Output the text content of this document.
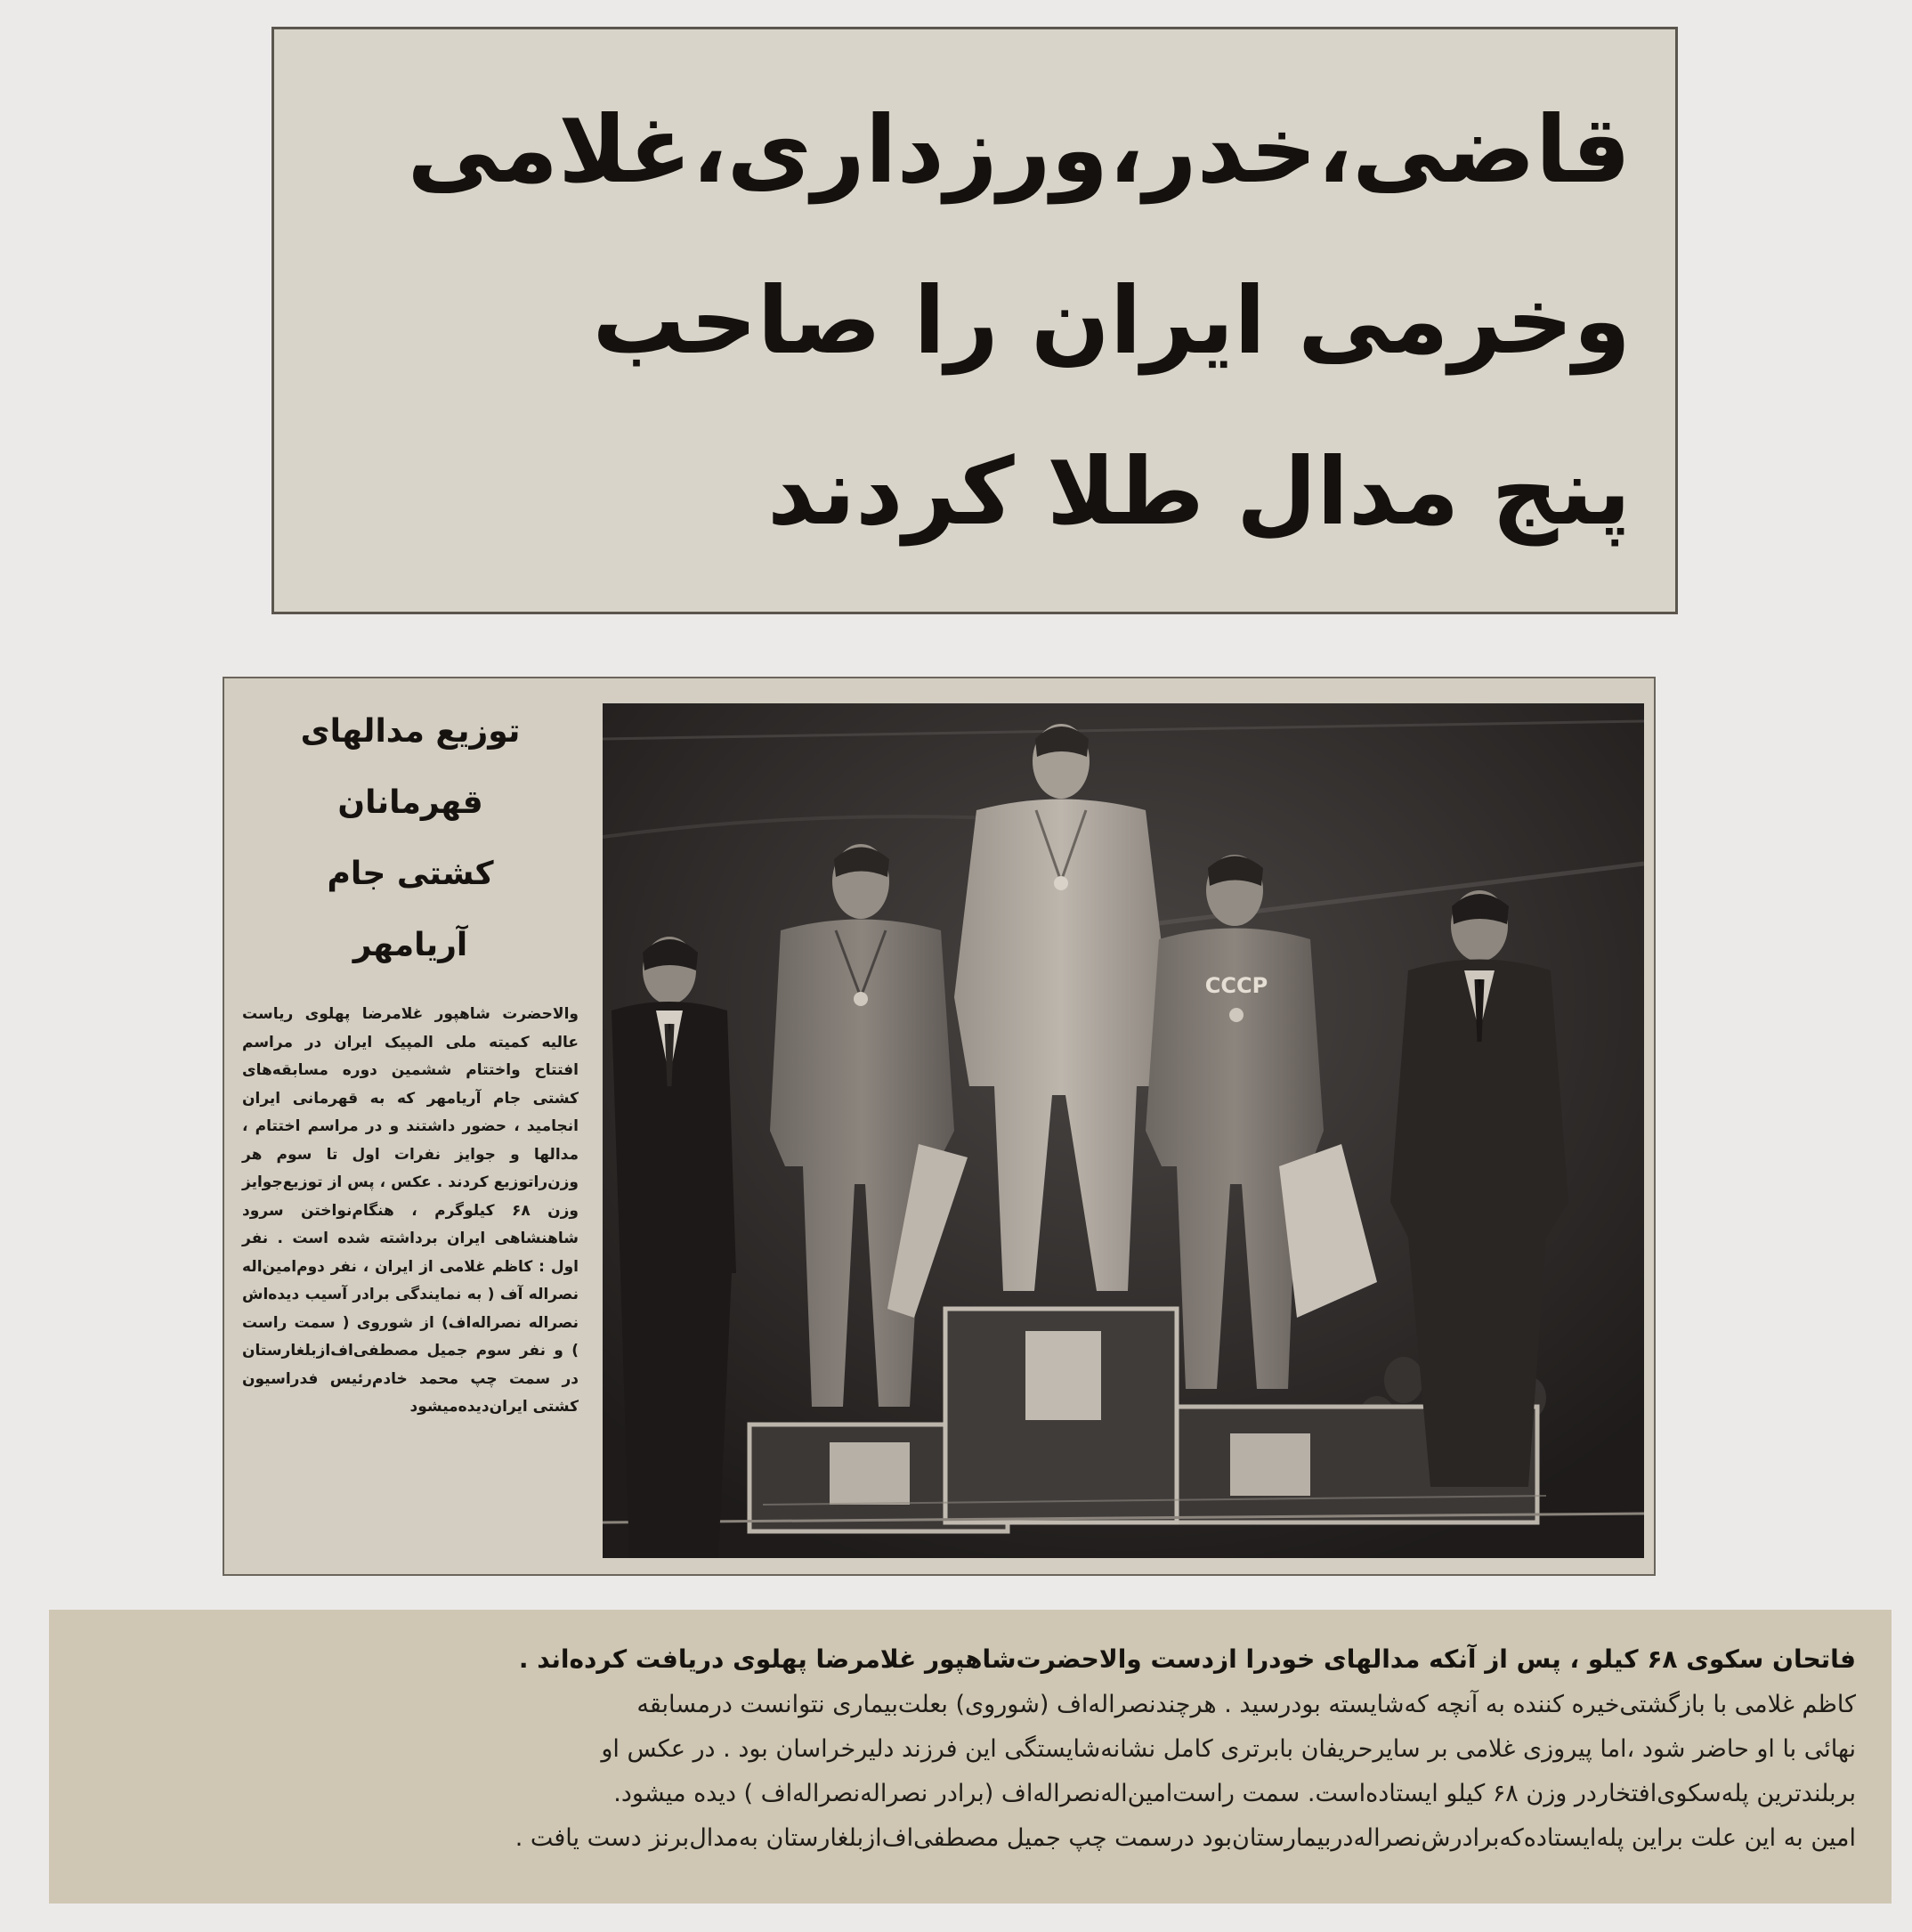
قاضی،خدر،ورزداری،غلامی
وخرمی ایران را صاحب
پنج مدال طلا کردند

توزیع مدالهای

قهرمانان

کشتی جام

آریامهر

والاحضرت شاهپور غلامرضا پهلوی ریاست عالیه کمیته ملی المپیک ایران در مراسم افتتاح واختتام ششمین دوره مسابقه‌های کشتی جام آریامهر که به قهرمانی ایران انجامید ، حضور داشتند و در مراسم اختتام ، مدالها و جوایز نفرات اول تا سوم هر وزن‌راتوزیع کردند . عکس ، پس از توزیع‌جوایز وزن ۶۸ کیلوگرم ، هنگام‌نواختن سرود شاهنشاهی ایران برداشته شده است . نفر اول : کاظم غلامی از ایران ، نفر دوم‌امین‌اله نصراله آف ( به نمایندگی برادر آسیب دیده‌اش نصراله نصراله‌اف) از شوروی ( سمت راست ) و نفر سوم جمیل مصطفی‌اف‌ازبلغارستان در سمت چپ محمد خادم‌رئیس فدراسیون کشتی ایران‌دیده‌میشود
CCCP
فاتحان سکوی ۶۸ کیلو ، پس از آنکه مدالهای خودرا ازدست والاحضرت‌شاهپور غلامرضا پهلوی دریافت کرده‌اند .
کاظم غلامی با بازگشتی‌خیره کننده به آنچه که‌شایسته بودرسید . هرچندنصراله‌اف (شوروی) بعلت‌بیماری نتوانست درمسابقه
نهائی با او حاضر شود ،اما پیروزی غلامی بر سایرحریفان بابرتری کامل نشانه‌شایستگی این فرزند دلیرخراسان بود . در عکس او
بربلندترین پله‌سکوی‌افتخاردر وزن ۶۸ کیلو ایستاده‌است. سمت راست‌امین‌اله‌نصراله‌اف (برادر نصراله‌نصراله‌اف ) دیده میشود.
امین به این علت براین پله‌ایستاده‌که‌برادرش‌نصراله‌دربیمارستان‌بود درسمت چپ جمیل مصطفی‌اف‌ازبلغارستان به‌مدال‌برنز دست یافت .
